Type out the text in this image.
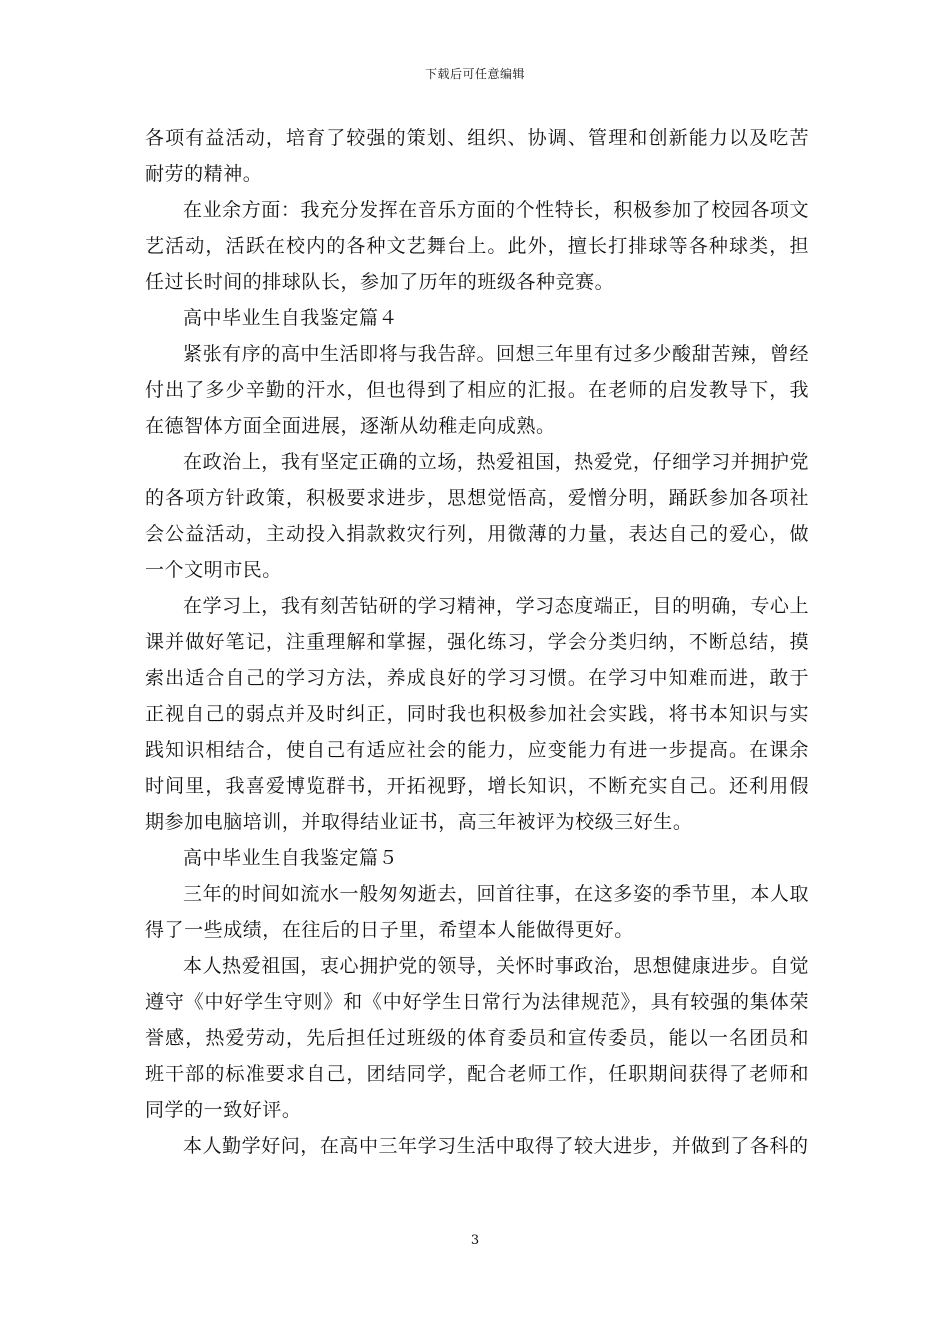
下载后可任意编辑

各项有益活动，培育了较强的策划、组织、协调、管理和创新能力以及吃苦耐劳的精神。

在业余方面：我充分发挥在音乐方面的个性特长，积极参加了校园各项文艺活动，活跃在校内的各种文艺舞台上。此外，擅长打排球等各种球类，担任过长时间的排球队长，参加了历年的班级各种竞赛。

高中毕业生自我鉴定篇４

紧张有序的高中生活即将与我告辞。回想三年里有过多少酸甜苦辣，曾经付出了多少辛勤的汗水，但也得到了相应的汇报。在老师的启发教导下，我在德智体方面全面进展，逐渐从幼稚走向成熟。

在政治上，我有坚定正确的立场，热爱祖国，热爱党，仔细学习并拥护党的各项方针政策，积极要求进步，思想觉悟高，爱憎分明，踊跃参加各项社会公益活动，主动投入捐款救灾行列，用微薄的力量，表达自己的爱心，做一个文明市民。

在学习上，我有刻苦钻研的学习精神，学习态度端正，目的明确，专心上课并做好笔记，注重理解和掌握，强化练习，学会分类归纳，不断总结，摸索出适合自己的学习方法，养成良好的学习习惯。在学习中知难而进，敢于正视自己的弱点并及时纠正，同时我也积极参加社会实践，将书本知识与实践知识相结合，使自己有适应社会的能力，应变能力有进一步提高。在课余时间里，我喜爱博览群书，开拓视野，增长知识，不断充实自己。还利用假期参加电脑培训，并取得结业证书，高三年被评为校级三好生。

高中毕业生自我鉴定篇５

三年的时间如流水一般匆匆逝去，回首往事，在这多姿的季节里，本人取得了一些成绩，在往后的日子里，希望本人能做得更好。

本人热爱祖国，衷心拥护党的领导，关怀时事政治，思想健康进步。自觉遵守《中好学生守则》和《中好学生日常行为法律规范》，具有较强的集体荣誉感，热爱劳动，先后担任过班级的体育委员和宣传委员，能以一名团员和班干部的标准要求自己，团结同学，配合老师工作，任职期间获得了老师和同学的一致好评。

本人勤学好问，在高中三年学习生活中取得了较大进步，并做到了各科的

3
